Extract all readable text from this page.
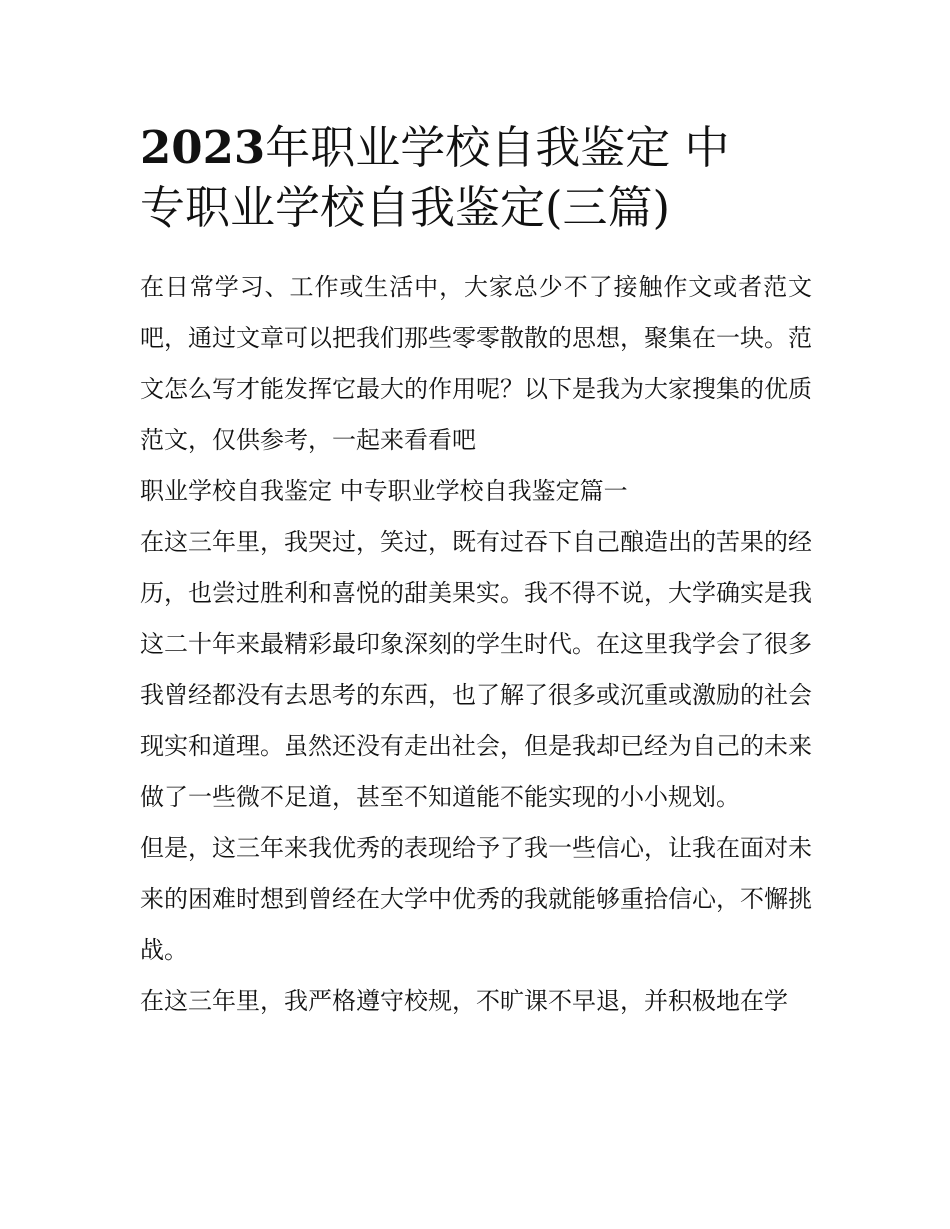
2023年职业学校自我鉴定 中
专职业学校自我鉴定(三篇)

在日常学习、工作或生活中，大家总少不了接触作文或者范文吧，通过文章可以把我们那些零零散散的思想，聚集在一块。范文怎么写才能发挥它最大的作用呢？以下是我为大家搜集的优质范文，仅供参考，一起来看看吧

职业学校自我鉴定 中专职业学校自我鉴定篇一

在这三年里，我哭过，笑过，既有过吞下自己酿造出的苦果的经历，也尝过胜利和喜悦的甜美果实。我不得不说，大学确实是我这二十年来最精彩最印象深刻的学生时代。在这里我学会了很多我曾经都没有去思考的东西，也了解了很多或沉重或激励的社会现实和道理。虽然还没有走出社会，但是我却已经为自己的未来做了一些微不足道，甚至不知道能不能实现的小小规划。

但是，这三年来我优秀的表现给予了我一些信心，让我在面对未来的困难时想到曾经在大学中优秀的我就能够重拾信心，不懈挑战。

在这三年里，我严格遵守校规，不旷课不早退，并积极地在学
